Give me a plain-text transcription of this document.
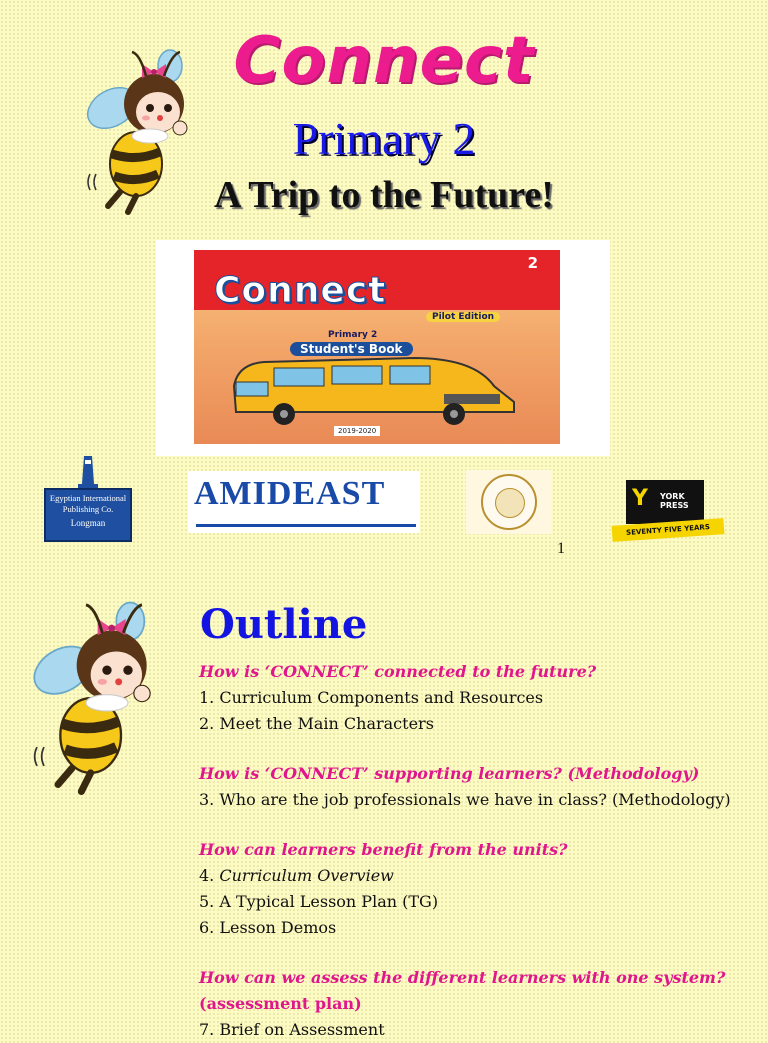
Connect
Primary 2
A Trip to the Future!
2
Connect
Pilot Edition
Primary 2
Student's Book
2019-2020
Egyptian International
Publishing Co.
Longman
AMIDEAST	Y YORK
PRESS
SEVENTY FIVE YEARS
1
Outline
How is ‘CONNECT’ connected to the future?
1. Curriculum Components and Resources
2. Meet the Main Characters
How is ‘CONNECT’ supporting learners? (Methodology)
3. Who are the job professionals we have in class? (Methodology)
How can learners benefit from the units?
4. Curriculum Overview
5. A Typical Lesson Plan (TG)
6. Lesson Demos
How can we assess the different learners with one system?
(assessment plan)
7. Brief on Assessment
